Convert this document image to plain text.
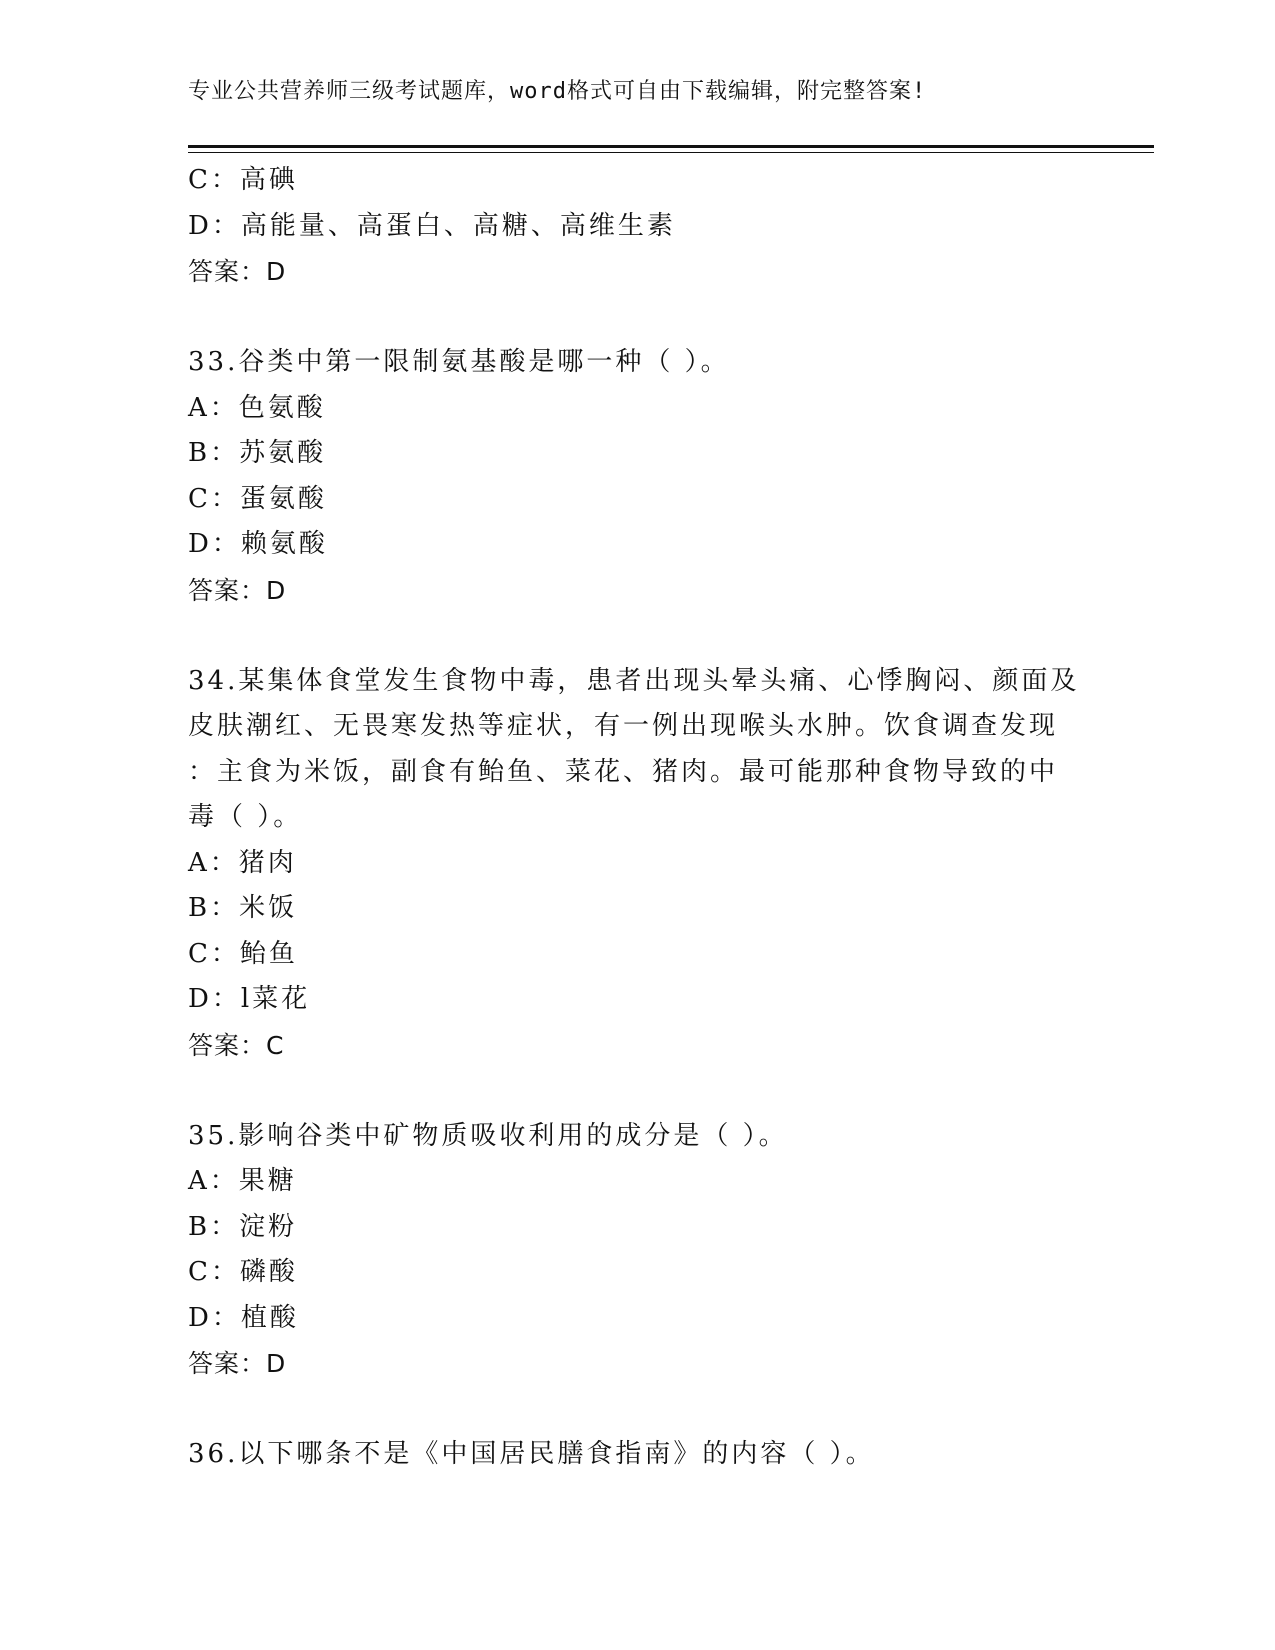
专业公共营养师三级考试题库，word格式可自由下载编辑，附完整答案!
C：高碘
D：高能量、高蛋白、高糖、高维生素
答案：D
33.谷类中第一限制氨基酸是哪一种（ ）。
A：色氨酸
B：苏氨酸
C：蛋氨酸
D：赖氨酸
答案：D
34.某集体食堂发生食物中毒，患者出现头晕头痛、心悸胸闷、颜面及
皮肤潮红、无畏寒发热等症状，有一例出现喉头水肿。饮食调查发现
：主食为米饭，副食有鲐鱼、菜花、猪肉。最可能那种食物导致的中
毒（ ）。
A：猪肉
B：米饭
C：鲐鱼
D：l菜花
答案：C
35.影响谷类中矿物质吸收利用的成分是（ ）。
A：果糖
B：淀粉
C：磷酸
D：植酸
答案：D
36.以下哪条不是《中国居民膳食指南》的内容（ ）。
